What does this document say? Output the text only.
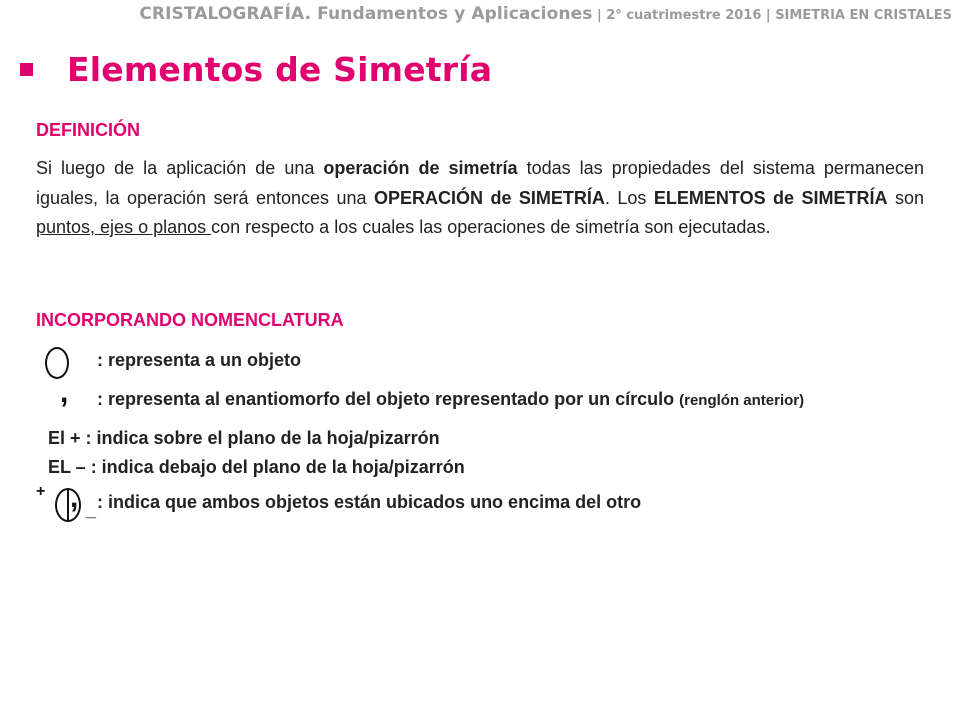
CRISTALOGRAFÍA. Fundamentos y Aplicaciones | 2° cuatrimestre 2016 | SIMETRIA EN CRISTALES
Elementos de Simetría
DEFINICIÓN
Si luego de la aplicación de una operación de simetría todas las propiedades del sistema permanecen iguales, la operación será entonces una OPERACIÓN de SIMETRÍA. Los ELEMENTOS de SIMETRÍA son puntos, ejes o planos con respecto a los cuales las operaciones de simetría son ejecutadas.
INCORPORANDO NOMENCLATURA
: representa a un objeto
, : representa al enantiomorfo del objeto representado por un círculo (renglón anterior)
El + : indica sobre el plano de la hoja/pizarrón
EL – : indica debajo del plano de la hoja/pizarrón
+ , _ : indica que ambos objetos están ubicados uno encima del otro
